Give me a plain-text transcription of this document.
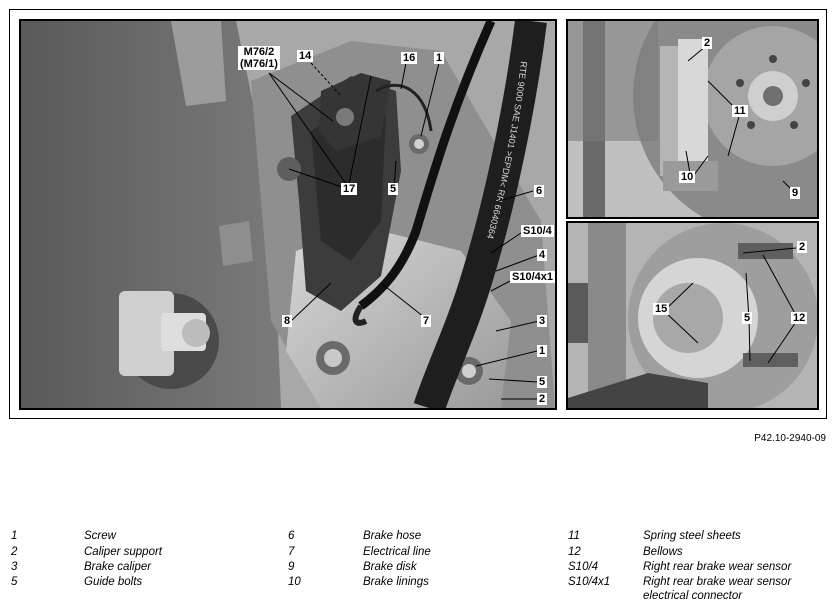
RTE 9000 SAE J1401 >EPDM< RR 6640364
M76/2
(M76/1)
14	16 1
17	5	6
S10/4
4
S10/4x1
8	7	3
1
5
2
2
11
10
9
2
15
5	12
P42.10-2940-09
1	Screw	6	Brake hose	11	Spring steel sheets
2	Caliper support	7	Electrical line	12	Bellows
3	Brake caliper	9	Brake disk	S10/4	Right rear brake wear sensor
5	Guide bolts	10	Brake linings	S10/4x1	Right rear brake wear sensor
electrical connector
